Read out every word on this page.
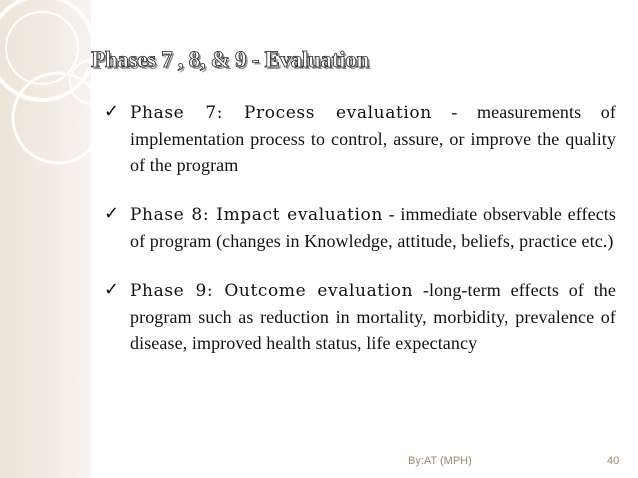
Phases 7 , 8, & 9 - Evaluation
✓ Phase 7: Process evaluation - measurements of implementation process to control, assure, or improve the quality of the program
✓ Phase 8: Impact evaluation - immediate observable effects of program (changes in Knowledge, attitude, beliefs, practice etc.)
✓ Phase 9: Outcome evaluation -long-term effects of the program such as reduction in mortality, morbidity, prevalence of disease, improved health status, life expectancy
By:AT (MPH)	40
